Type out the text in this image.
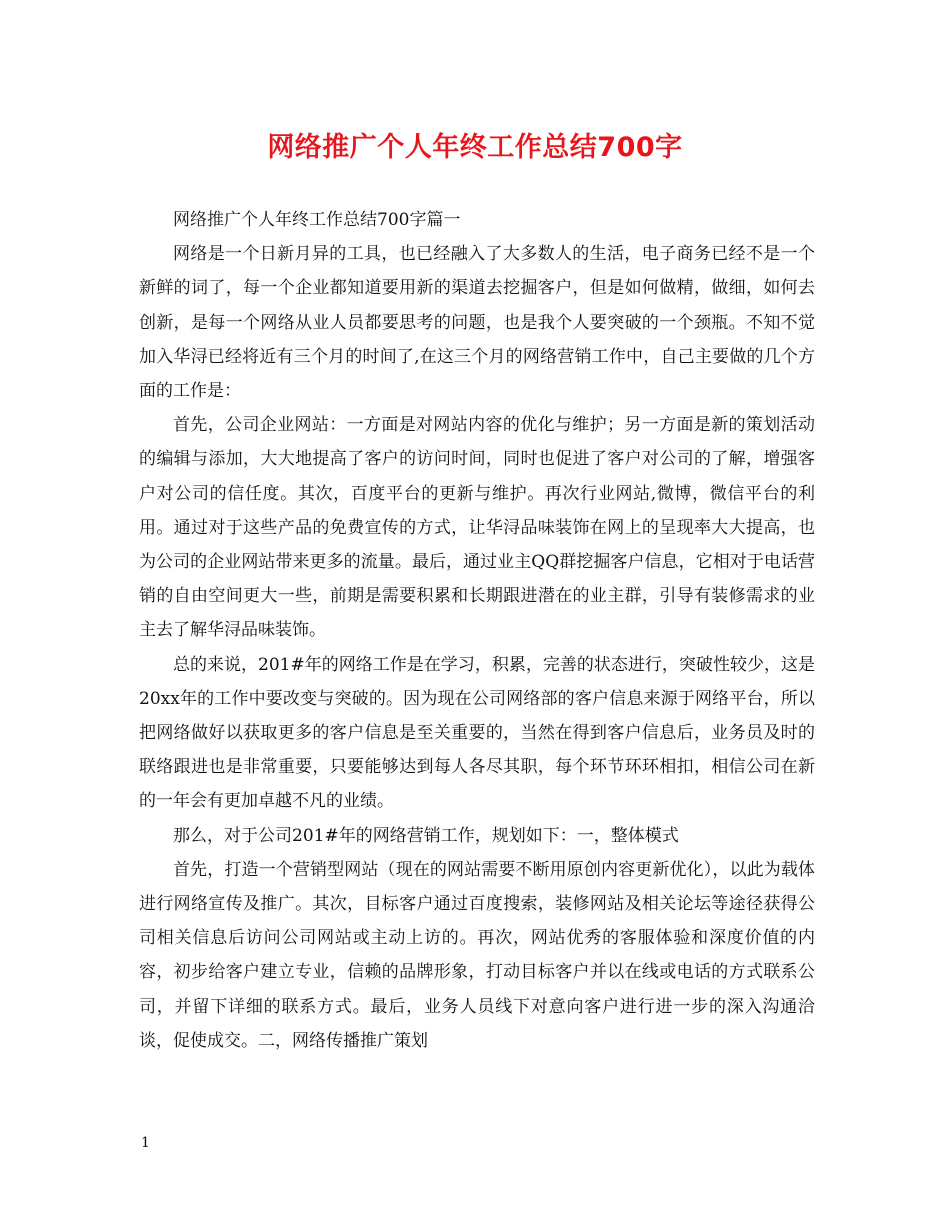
网络推广个人年终工作总结700字

网络推广个人年终工作总结700字篇一

网络是一个日新月异的工具，也已经融入了大多数人的生活，电子商务已经不是一个新鲜的词了，每一个企业都知道要用新的渠道去挖掘客户，但是如何做精，做细，如何去创新，是每一个网络从业人员都要思考的问题，也是我个人要突破的一个颈瓶。不知不觉加入华浔已经将近有三个月的时间了,在这三个月的网络营销工作中，自己主要做的几个方面的工作是：

首先，公司企业网站：一方面是对网站内容的优化与维护；另一方面是新的策划活动的编辑与添加，大大地提高了客户的访问时间，同时也促进了客户对公司的了解，增强客户对公司的信任度。其次，百度平台的更新与维护。再次行业网站,微博，微信平台的利用。通过对于这些产品的免费宣传的方式，让华浔品味装饰在网上的呈现率大大提高，也为公司的企业网站带来更多的流量。最后，通过业主QQ群挖掘客户信息，它相对于电话营销的自由空间更大一些，前期是需要积累和长期跟进潜在的业主群，引导有装修需求的业主去了解华浔品味装饰。

总的来说，201#年的网络工作是在学习，积累，完善的状态进行，突破性较少，这是20xx年的工作中要改变与突破的。因为现在公司网络部的客户信息来源于网络平台，所以把网络做好以获取更多的客户信息是至关重要的，当然在得到客户信息后，业务员及时的联络跟进也是非常重要，只要能够达到每人各尽其职，每个环节环环相扣，相信公司在新的一年会有更加卓越不凡的业绩。

那么，对于公司201#年的网络营销工作，规划如下：一，整体模式

首先，打造一个营销型网站（现在的网站需要不断用原创内容更新优化），以此为载体进行网络宣传及推广。其次，目标客户通过百度搜索，装修网站及相关论坛等途径获得公司相关信息后访问公司网站或主动上访的。再次，网站优秀的客服体验和深度价值的内容，初步给客户建立专业，信赖的品牌形象，打动目标客户并以在线或电话的方式联系公司，并留下详细的联系方式。最后，业务人员线下对意向客户进行进一步的深入沟通洽谈，促使成交。二，网络传播推广策划

1
